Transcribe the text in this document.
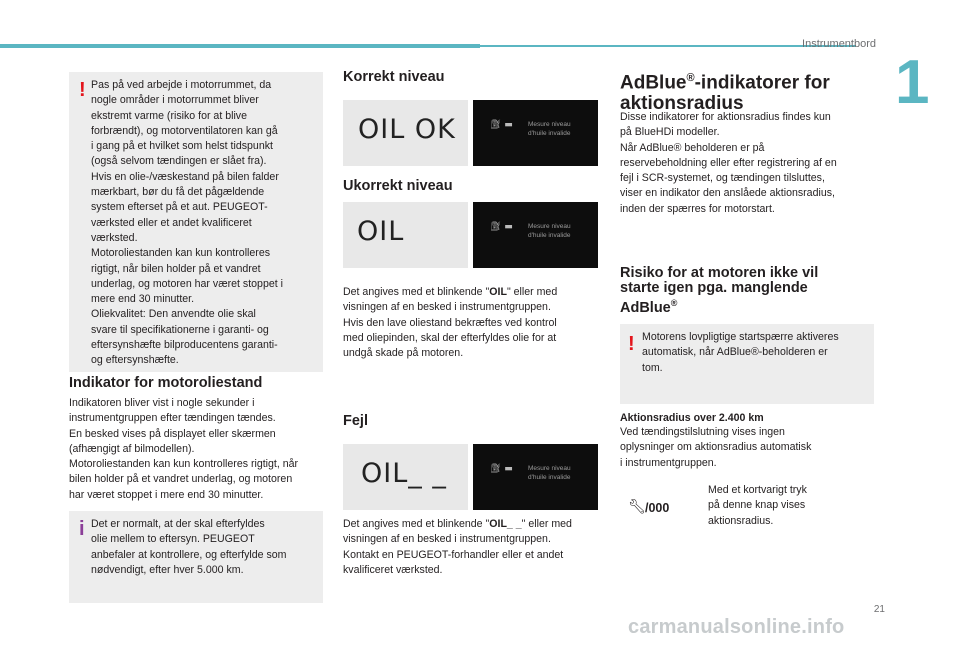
Instrumentbord
1
! Pas på ved arbejde i motorrummet, da
nogle områder i motorrummet bliver
ekstremt varme (risiko for at blive
forbrændt), og motorventilatoren kan gå
i gang på et hvilket som helst tidspunkt
(også selvom tændingen er slået fra).
Hvis en olie-/væskestand på bilen falder
mærkbart, bør du få det pågældende
system efterset på et aut. PEUGEOT-
værksted eller et andet kvalificeret
værksted.
Motoroliestanden kan kun kontrolleres
rigtigt, når bilen holder på et vandret
underlag, og motoren har været stoppet i
mere end 30 minutter.
Oliekvalitet: Den anvendte olie skal
svare til specifikationerne i garanti- og
eftersynshæfte bilproducentens garanti-
og eftersynshæfte.
Indikator for motoroliestand
Indikatoren bliver vist i nogle sekunder i
instrumentgruppen efter tændingen tændes.
En besked vises på displayet eller skærmen
(afhængigt af bilmodellen).
Motoroliestanden kan kun kontrolleres rigtigt, når
bilen holder på et vandret underlag, og motoren
har været stoppet i mere end 30 minutter.
i Det er normalt, at der skal efterfyldes
olie mellem to eftersyn. PEUGEOT
anbefaler at kontrollere, og efterfylde som
nødvendigt, efter hver 5.000 km.
Korrekt niveau
OIL OK	⛽︎ ▬ Mesure niveau
d'huile invalide
Ukorrekt niveau
OIL	⛽︎ ▬ Mesure niveau
d'huile invalide
Det angives med et blinkende "OIL" eller med
visningen af en besked i instrumentgruppen.
Hvis den lave oliestand bekræftes ved kontrol
med oliepinden, skal der efterfyldes olie for at
undgå skade på motoren.
Fejl
OIL_ _	⛽︎ ▬ Mesure niveau
d'huile invalide
Det angives med et blinkende "OIL_ _" eller med
visningen af en besked i instrumentgruppen.
Kontakt en PEUGEOT-forhandler eller et andet
kvalificeret værksted.
AdBlue®-indikatorer for
aktionsradius
Disse indikatorer for aktionsradius findes kun
på BlueHDi modeller.
Når AdBlue® beholderen er på
reservebeholdning eller efter registrering af en
fejl i SCR-systemet, og tændingen tilsluttes,
viser en indikator den anslåede aktionsradius,
inden der spærres for motorstart.
Risiko for at motoren ikke vil
starte igen pga. manglende
AdBlue®
! Motorens lovpligtige startspærre aktiveres
automatisk, når AdBlue®-beholderen er
tom.
Aktionsradius over 2.400 km
Ved tændingstilslutning vises ingen
oplysninger om aktionsradius automatisk
i instrumentgruppen.
🔧︎ /000
Med et kortvarigt tryk
på denne knap vises
aktionsradius.
21
carmanualsonline.info
